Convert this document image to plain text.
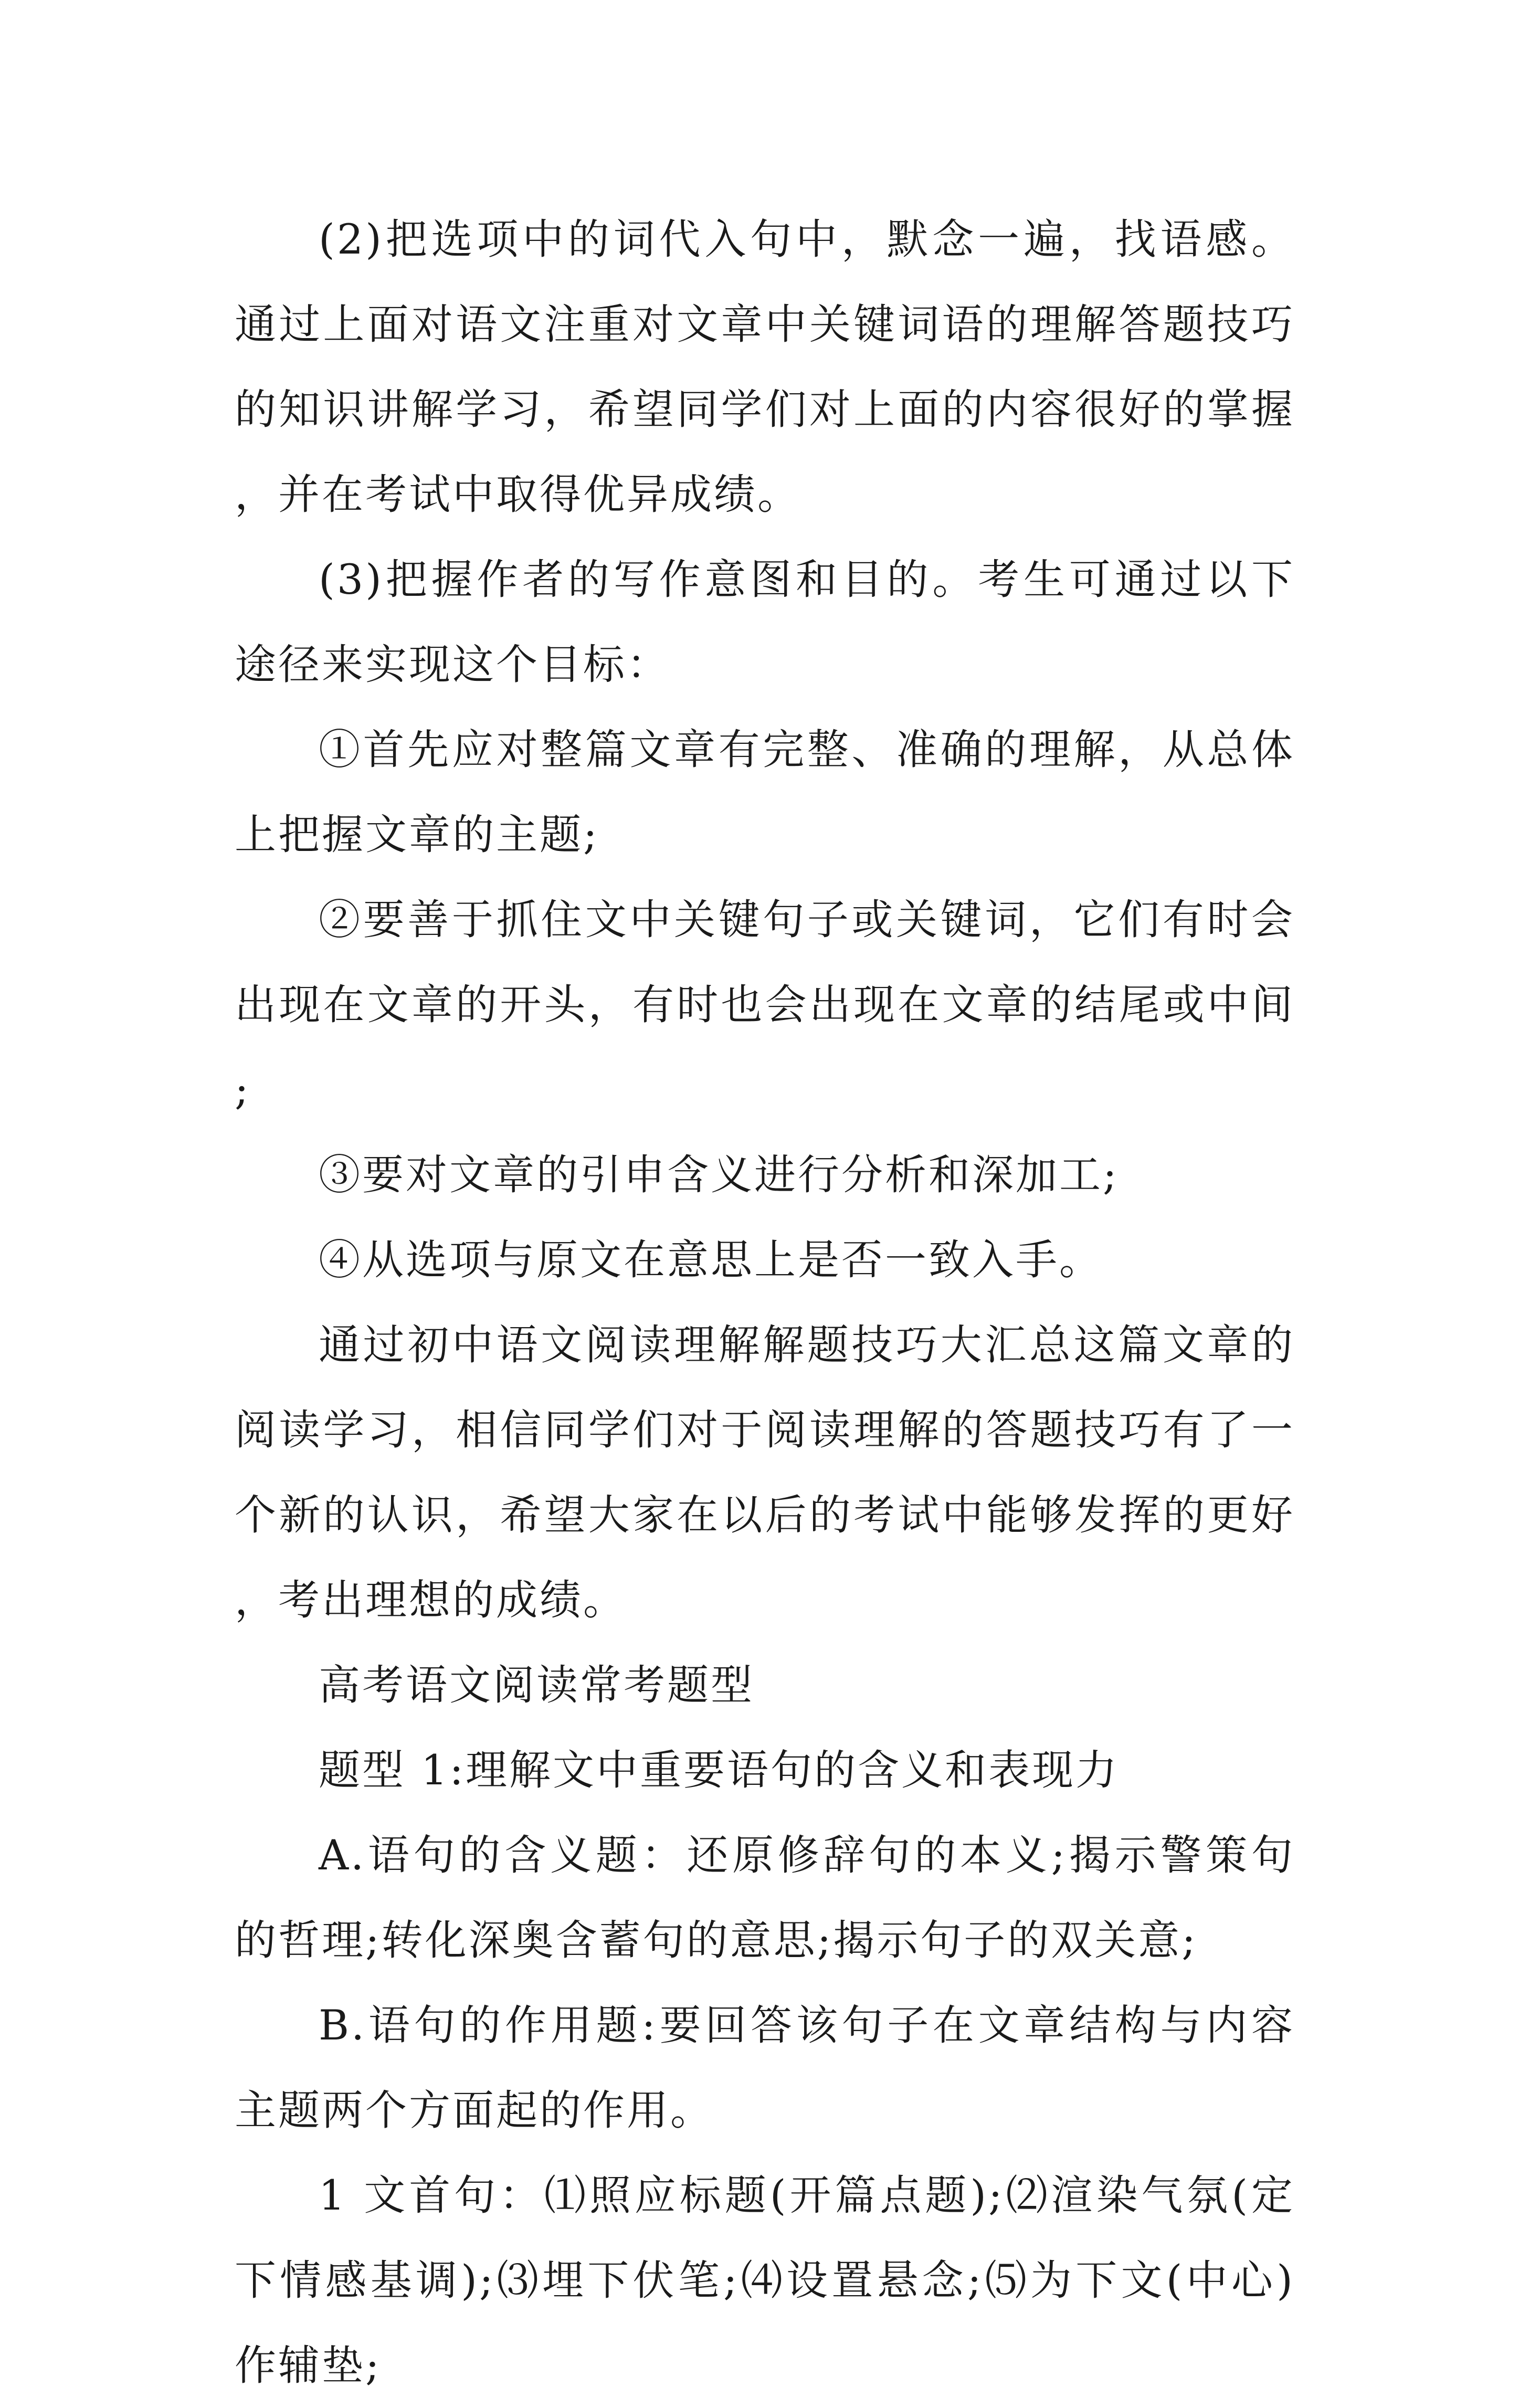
(2)把选项中的词代入句中，默念一遍，找语感。通过上面对语文注重对文章中关键词语的理解答题技巧的知识讲解学习，希望同学们对上面的内容很好的掌握，并在考试中取得优异成绩。

(3)把握作者的写作意图和目的。考生可通过以下途径来实现这个目标：

①首先应对整篇文章有完整、准确的理解，从总体上把握文章的主题;

②要善于抓住文中关键句子或关键词，它们有时会出现在文章的开头，有时也会出现在文章的结尾或中间;

③要对文章的引申含义进行分析和深加工;

④从选项与原文在意思上是否一致入手。

通过初中语文阅读理解解题技巧大汇总这篇文章的阅读学习，相信同学们对于阅读理解的答题技巧有了一个新的认识，希望大家在以后的考试中能够发挥的更好，考出理想的成绩。

高考语文阅读常考题型

题型 1:理解文中重要语句的含义和表现力

A.语句的含义题：还原修辞句的本义;揭示警策句的哲理;转化深奥含蓄句的意思;揭示句子的双关意;

B.语句的作用题:要回答该句子在文章结构与内容主题两个方面起的作用。

1 文首句：⑴照应标题(开篇点题);⑵渲染气氛(定下情感基调);⑶埋下伏笔;⑷设置悬念;⑸为下文(中心)作辅垫;
